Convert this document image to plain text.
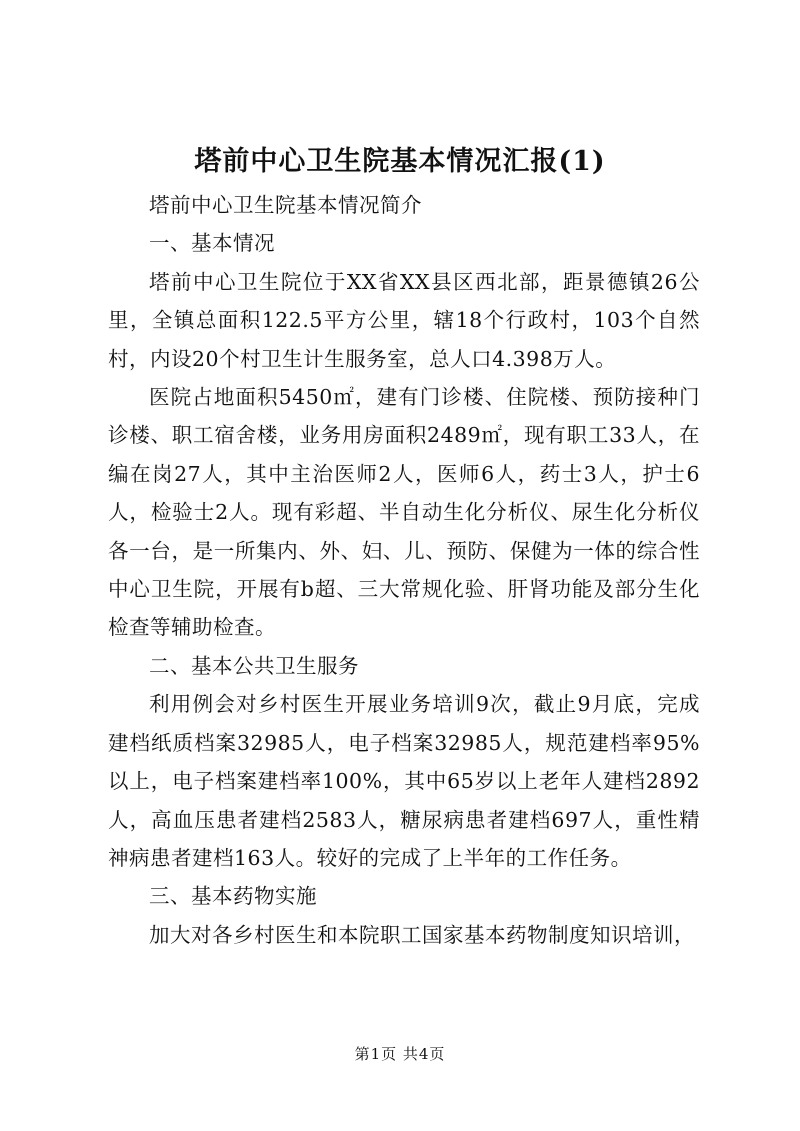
塔前中心卫生院基本情况汇报(1)

塔前中心卫生院基本情况简介

一、基本情况

塔前中心卫生院位于XX省XX县区西北部，距景德镇26公里，全镇总面积122.5平方公里，辖18个行政村，103个自然村，内设20个村卫生计生服务室，总人口4.398万人。

医院占地面积5450㎡，建有门诊楼、住院楼、预防接种门诊楼、职工宿舍楼，业务用房面积2489㎡，现有职工33人，在编在岗27人，其中主治医师2人，医师6人，药士3人，护士6人，检验士2人。现有彩超、半自动生化分析仪、尿生化分析仪各一台，是一所集内、外、妇、儿、预防、保健为一体的综合性中心卫生院，开展有b超、三大常规化验、肝肾功能及部分生化检查等辅助检查。

二、基本公共卫生服务

利用例会对乡村医生开展业务培训9次，截止9月底，完成建档纸质档案32985人，电子档案32985人，规范建档率95%以上，电子档案建档率100%，其中65岁以上老年人建档2892人，高血压患者建档2583人，糖尿病患者建档697人，重性精神病患者建档163人。较好的完成了上半年的工作任务。

三、基本药物实施

加大对各乡村医生和本院职工国家基本药物制度知识培训，

第1页 共4页
